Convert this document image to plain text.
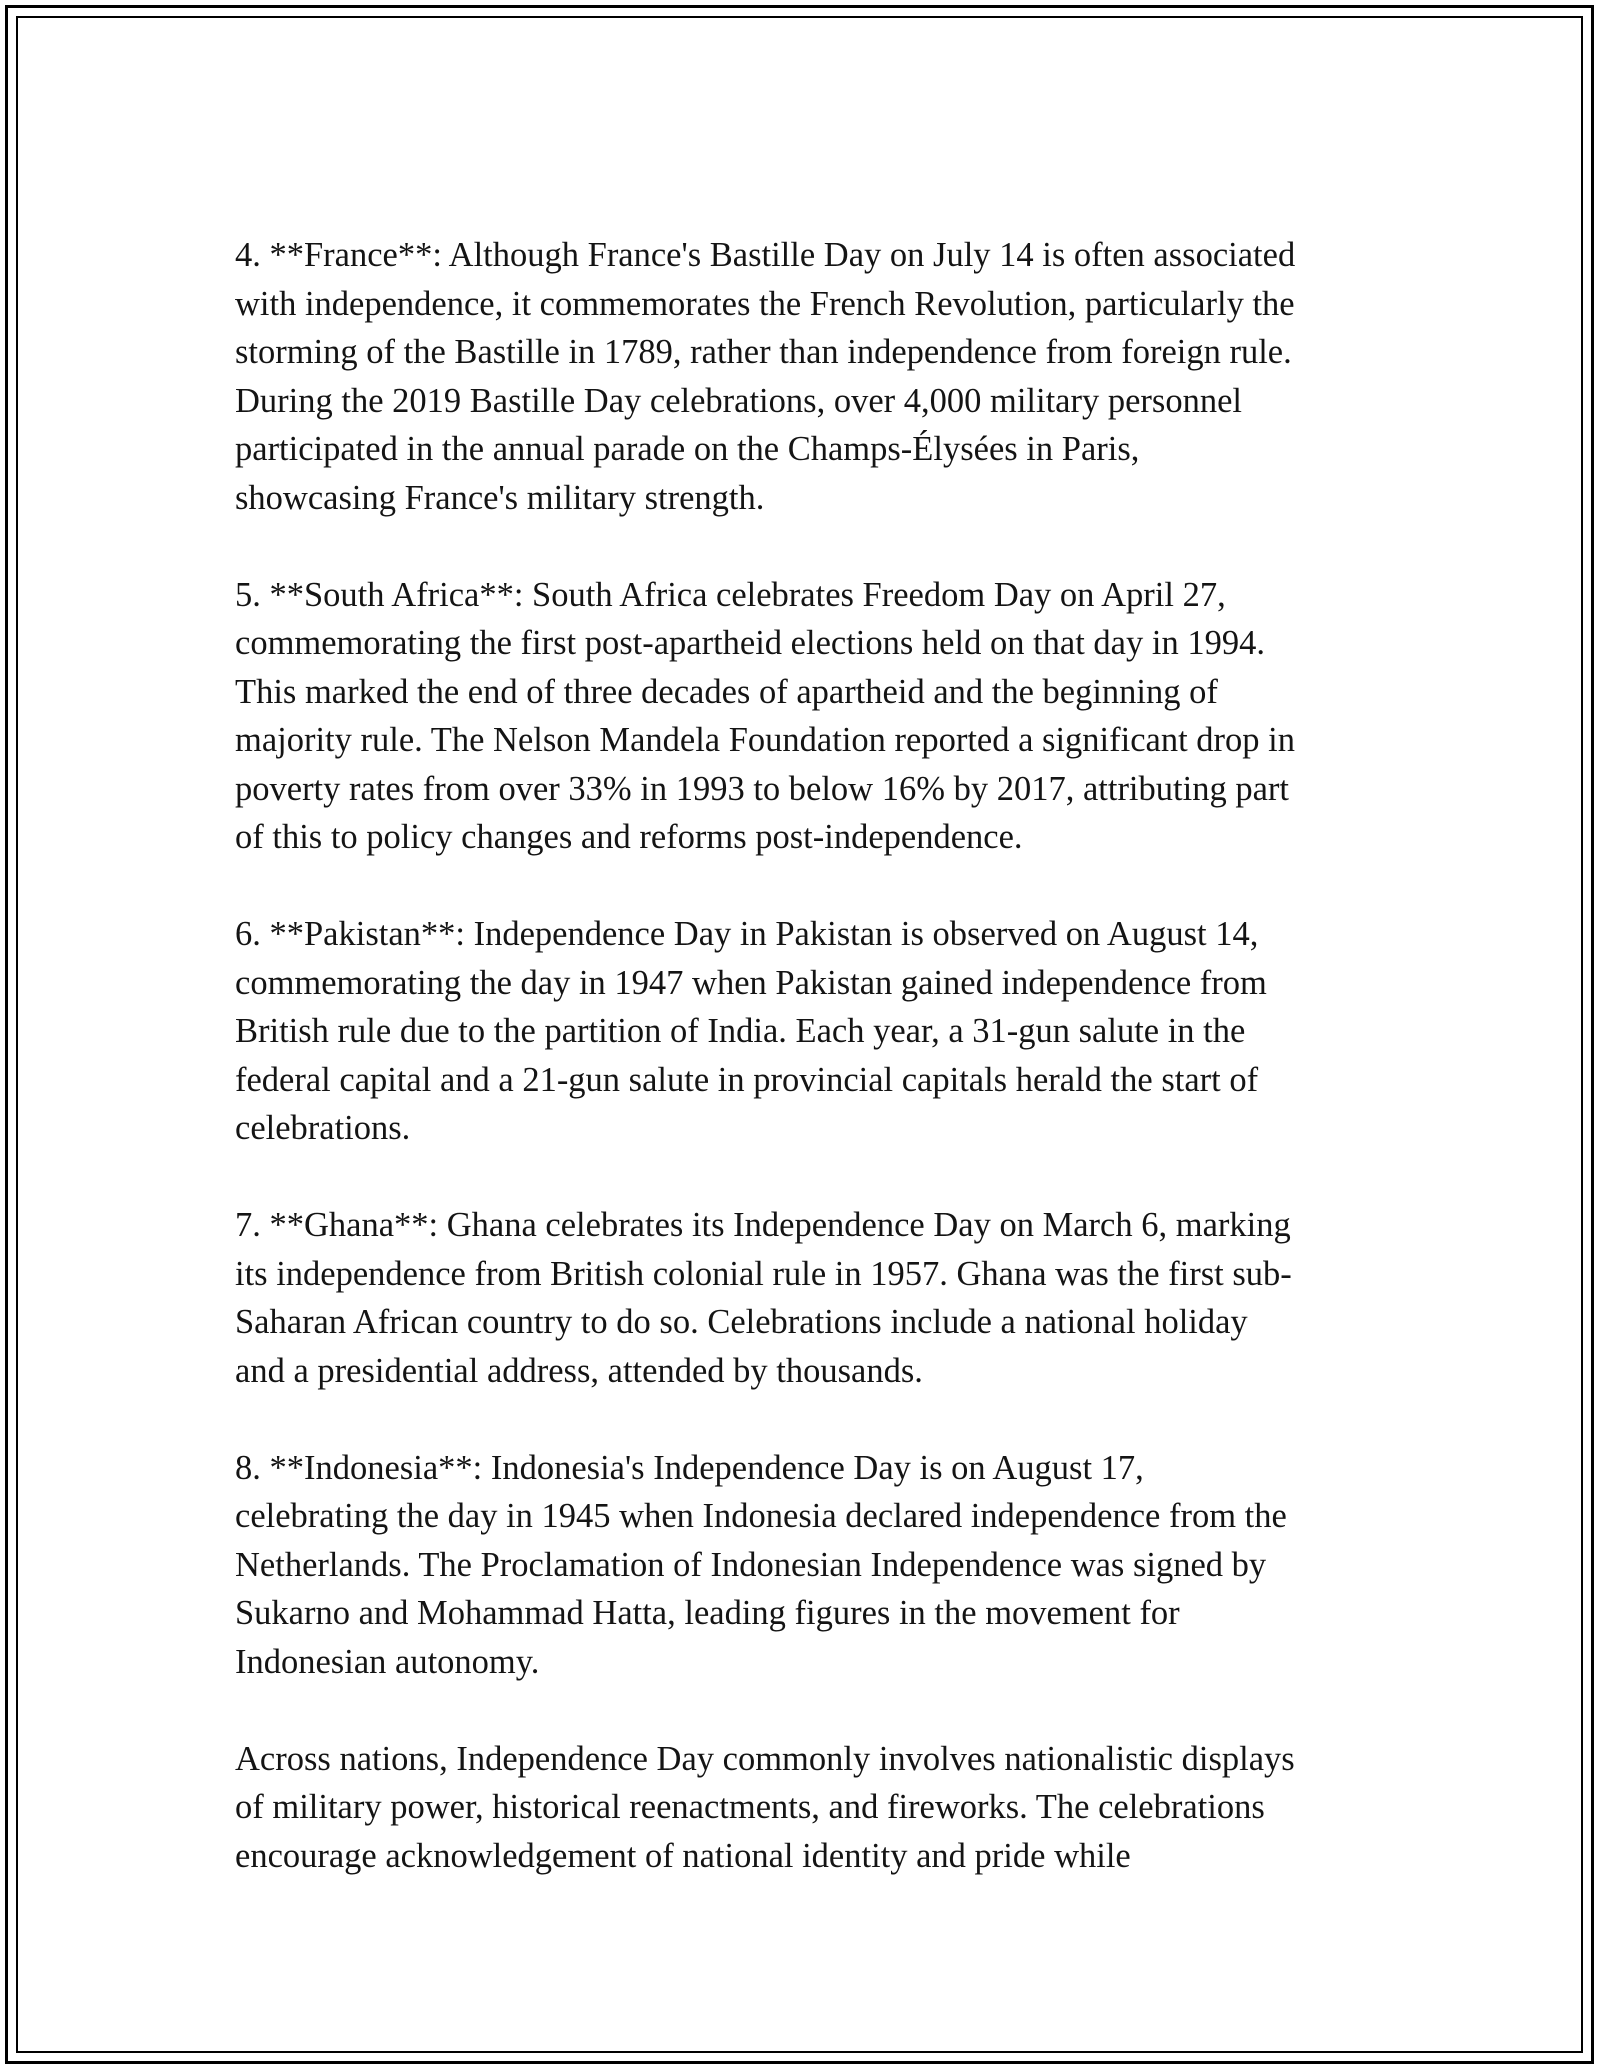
4. **France**: Although France's Bastille Day on July 14 is often associated
with independence, it commemorates the French Revolution, particularly the
storming of the Bastille in 1789, rather than independence from foreign rule.
During the 2019 Bastille Day celebrations, over 4,000 military personnel
participated in the annual parade on the Champs-Élysées in Paris,
showcasing France's military strength.

5. **South Africa**: South Africa celebrates Freedom Day on April 27,
commemorating the first post-apartheid elections held on that day in 1994.
This marked the end of three decades of apartheid and the beginning of
majority rule. The Nelson Mandela Foundation reported a significant drop in
poverty rates from over 33% in 1993 to below 16% by 2017, attributing part
of this to policy changes and reforms post-independence.

6. **Pakistan**: Independence Day in Pakistan is observed on August 14,
commemorating the day in 1947 when Pakistan gained independence from
British rule due to the partition of India. Each year, a 31-gun salute in the
federal capital and a 21-gun salute in provincial capitals herald the start of
celebrations.

7. **Ghana**: Ghana celebrates its Independence Day on March 6, marking
its independence from British colonial rule in 1957. Ghana was the first sub-
Saharan African country to do so. Celebrations include a national holiday
and a presidential address, attended by thousands.

8. **Indonesia**: Indonesia's Independence Day is on August 17,
celebrating the day in 1945 when Indonesia declared independence from the
Netherlands. The Proclamation of Indonesian Independence was signed by
Sukarno and Mohammad Hatta, leading figures in the movement for
Indonesian autonomy.

Across nations, Independence Day commonly involves nationalistic displays
of military power, historical reenactments, and fireworks. The celebrations
encourage acknowledgement of national identity and pride while
